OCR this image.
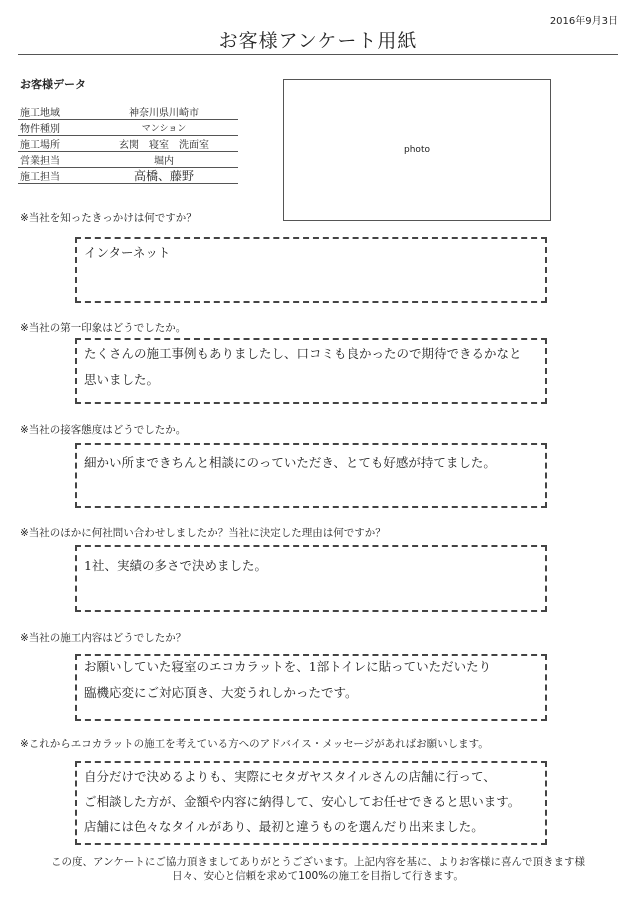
2016年9月3日
お客様アンケート用紙
お客様データ
施工地域	神奈川県川崎市
物件種別	マンション
施工場所	玄関　寝室　洗面室
営業担当	堀内
施工担当	高橋、藤野
photo
※当社を知ったきっかけは何ですか？
インターネット
※当社の第一印象はどうでしたか。
たくさんの施工事例もありましたし、口コミも良かったので期待できるかなと
思いました。
※当社の接客態度はどうでしたか。
細かい所まできちんと相談にのっていただき、とても好感が持てました。
※当社のほかに何社問い合わせしましたか？当社に決定した理由は何ですか？
1社、実績の多さで決めました。
※当社の施工内容はどうでしたか？
お願いしていた寝室のエコカラットを、1部トイレに貼っていただいたり
臨機応変にご対応頂き、大変うれしかったです。
※これからエコカラットの施工を考えている方へのアドバイス・メッセージがあればお願いします。
自分だけで決めるよりも、実際にセタガヤスタイルさんの店舗に行って、
ご相談した方が、金額や内容に納得して、安心してお任せできると思います。
店舗には色々なタイルがあり、最初と違うものを選んだり出来ました。
この度、アンケートにご協力頂きましてありがとうございます。上記内容を基に、よりお客様に喜んで頂きます様
日々、安心と信頼を求めて100%の施工を目指して行きます。
